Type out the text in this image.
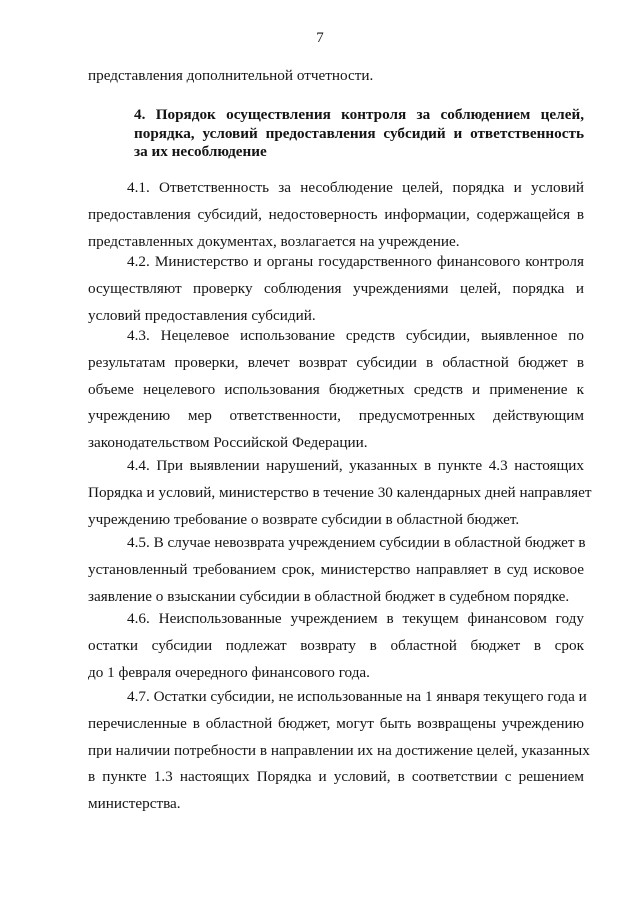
7
представления дополнительной отчетности.
4. Порядок осуществления контроля за соблюдением целей,
порядка, условий предоставления субсидий и ответственность
за их несоблюдение
4.1. Ответственность за несоблюдение целей, порядка и условий
предоставления субсидий, недостоверность информации, содержащейся в
представленных документах, возлагается на учреждение.
4.2. Министерство и органы государственного финансового контроля
осуществляют проверку соблюдения учреждениями целей, порядка и
условий предоставления субсидий.
4.3. Нецелевое использование средств субсидии, выявленное по
результатам проверки, влечет возврат субсидии в областной бюджет в
объеме нецелевого использования бюджетных средств и применение к
учреждению мер ответственности, предусмотренных действующим
законодательством Российской Федерации.
4.4. При выявлении нарушений, указанных в пункте 4.3 настоящих
Порядка и условий, министерство в течение 30 календарных дней направляет
учреждению требование о возврате субсидии в областной бюджет.
4.5. В случае невозврата учреждением субсидии в областной бюджет в
установленный требованием срок, министерство направляет в суд исковое
заявление о взыскании субсидии в областной бюджет в судебном порядке.
4.6. Неиспользованные учреждением в текущем финансовом году
остатки субсидии подлежат возврату в областной бюджет в срок
до 1 февраля очередного финансового года.
4.7. Остатки субсидии, не использованные на 1 января текущего года и
перечисленные в областной бюджет, могут быть возвращены учреждению
при наличии потребности в направлении их на достижение целей, указанных
в пункте 1.3 настоящих Порядка и условий, в соответствии с решением
министерства.
